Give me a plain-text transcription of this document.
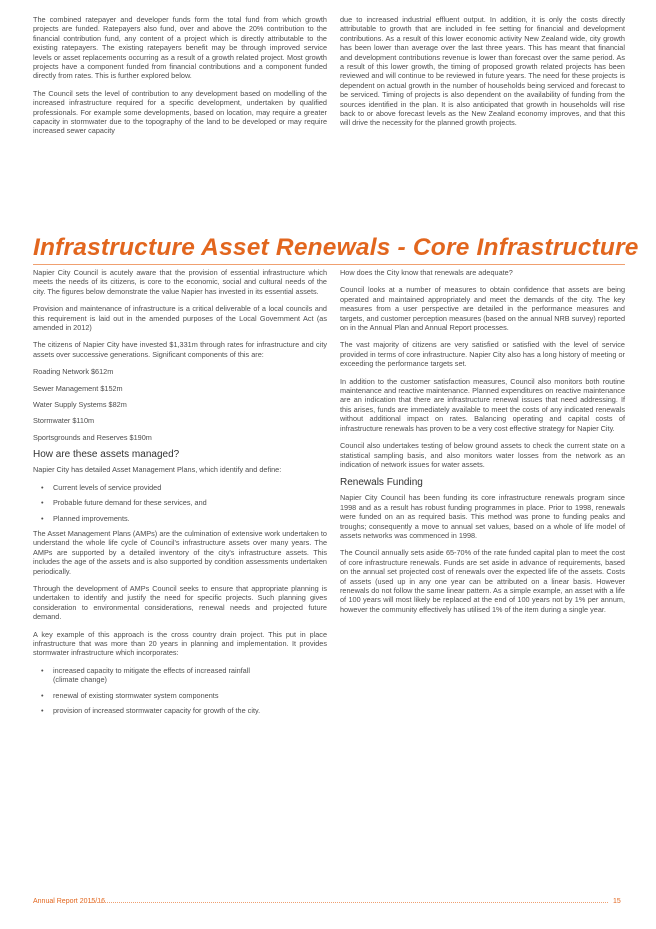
The combined ratepayer and developer funds form the total fund from which growth projects are funded. Ratepayers also fund, over and above the 20% contribution to the financial contribution fund, any content of a project which is directly attributable to the existing ratepayers. The existing ratepayers benefit may be through improved service levels or asset replacements occurring as a result of a growth related project. Most growth projects have a component funded from financial contributions and a component funded directly from rates. This is further explored below.

The Council sets the level of contribution to any development based on modelling of the increased infrastructure required for a specific development, undertaken by qualified professionals. For example some developments, based on location, may require a greater capacity in stormwater due to the topography of the land to be developed or may require increased sewer capacity

due to increased industrial effluent output. In addition, it is only the costs directly attributable to growth that are included in fee setting for financial and development contributions. As a result of this lower economic activity New Zealand wide, city growth has been lower than average over the last three years. This has meant that financial and development contributions revenue is lower than forecast over the same period. As a result of this lower growth, the timing of proposed growth related projects has been reviewed and will continue to be reviewed in future years. The need for these projects is dependent on actual growth in the number of households being serviced and forecast to be serviced. Timing of projects is also dependent on the availability of funding from the sources identified in the plan. It is also anticipated that growth in households will rise back to or above forecast levels as the New Zealand economy improves, and that this will drive the necessity for the planned growth projects.

Infrastructure Asset Renewals - Core Infrastructure

Napier City Council is acutely aware that the provision of essential infrastructure which meets the needs of its citizens, is core to the economic, social and cultural needs of the city. The figures below demonstrate the value Napier has invested in its essential assets.

Provision and maintenance of infrastructure is a critical deliverable of a local councils and this requirement is laid out in the amended purposes of the Local Government Act (as amended in 2012)

The citizens of Napier City have invested $1,331m through rates for infrastructure and city assets over successive generations. Significant components of this are:

Roading Network $612m

Sewer Management $152m

Water Supply Systems $82m

Stormwater $110m

Sportsgrounds and Reserves $190m

How are these assets managed?

Napier City has detailed Asset Management Plans, which identify and define:

• Current levels of service provided
• Probable future demand for these services, and
• Planned improvements.

The Asset Management Plans (AMPs) are the culmination of extensive work undertaken to understand the whole life cycle of Council's infrastructure assets over many years. The AMPs are supported by a detailed inventory of the city's infrastructure assets. This includes the age of the assets and is also supported by condition assessments undertaken periodically.

Through the development of AMPs Council seeks to ensure that appropriate planning is undertaken to identify and justify the need for specific projects. Such planning gives consideration to environmental considerations, renewal needs and projected future demand.

A key example of this approach is the cross country drain project. This put in place infrastructure that was more than 20 years in planning and implementation. It provides stormwater infrastructure which incorporates:

• increased capacity to mitigate the effects of increased rainfall (climate change)
• renewal of existing stormwater system components
• provision of increased stormwater capacity for growth of the city.

How does the City know that renewals are adequate?

Council looks at a number of measures to obtain confidence that assets are being operated and maintained appropriately and meet the demands of the city. The key measures from a user perspective are detailed in the performance measures and targets, and customer perception measures (based on the annual NRB survey) reported on in the Annual Plan and Annual Report processes.

The vast majority of citizens are very satisfied or satisfied with the level of service provided in terms of core infrastructure. Napier City also has a long history of meeting or exceeding the performance targets set.

In addition to the customer satisfaction measures, Council also monitors both routine maintenance and reactive maintenance. Planned expenditures on reactive maintenance are an indication that there are infrastructure renewal issues that need addressing. If this arises, funds are immediately available to meet the costs of any indicated renewals without additional impact on rates. Balancing operating and capital costs of infrastructure renewals has proven to be a very cost effective strategy for Napier City.

Council also undertakes testing of below ground assets to check the current state on a statistical sampling basis, and also monitors water losses from the network as an indication of network issues for water assets.

Renewals Funding

Napier City Council has been funding its core infrastructure renewals program since 1998 and as a result has robust funding programmes in place. Prior to 1998, renewals were funded on an as required basis. This method was prone to funding peaks and troughs; consequently a move to annual set values, based on a whole of life model of assets networks was commenced in 1998.

The Council annually sets aside 65-70% of the rate funded capital plan to meet the cost of core infrastructure renewals. Funds are set aside in advance of requirements, based on the annual set projected cost of renewals over the expected life of the assets. Costs of assets (used up in any one year can be attributed on a linear basis. However renewals do not follow the same linear pattern. As a simple example, an asset with a life of 100 years will most likely be replaced at the end of 100 years not by 1% per annum, however the community effectively has utilised 1% of the item during a single year.

Annual Report 2015/16	15
